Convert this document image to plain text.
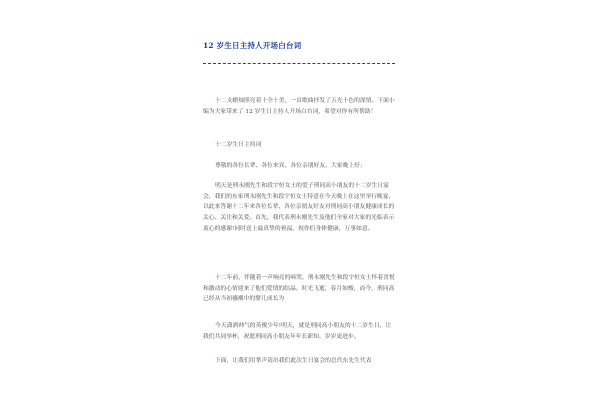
12 岁生日主持人开场白台词

十二支蜡烛照亮着十全十美，一首歌曲抒发了五光十色的深情。下面小编为大家带来了 12 岁生日主持人开场白台词，希望对你有所帮助！

十二岁生日主持词

尊敬的各位长辈、各位来宾、各位亲朋好友、大家晚上好：

明天是刑永刚先生和段宇恒女士的爱子刑同高小朋友的十二岁生日宴会，我们的东家刑永刚先生和段宇恒女士特意在今天晚上在这里举行晚宴，以此来答谢十二年来各位长辈、各位亲朋友好友对刑同高小朋友健康成长的关心、关注和关爱。首先，我代表刑永刚先生及他们全家对大家的光临表示衷心的感谢!同时送上最真挚的祝福，祝你们身体健康，万事如意。

十二年前，伴随着一声响亮的啼哭，刑永刚先生和段宇恒女士怀着喜悦和激动的心情迎来了他们爱情的结晶。时光飞逝，春月如梭，而今，刑同高已经从当初襁褓中的婴儿成长为

今天潇洒帅气的英俊少年!明天，就是刑同高小朋友的十二岁生日，让我们共同举杯，祝愿刑同高小朋友年年长新知，岁岁更进步。

下面，让我们用掌声请出我们此次生日宴会的总代东先生代表
